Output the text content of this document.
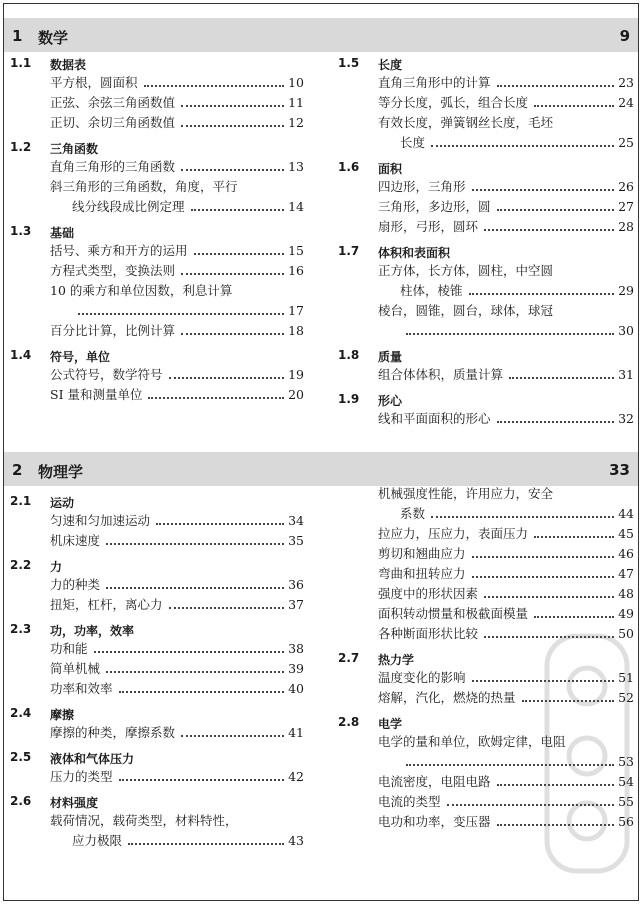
1 数学	9
1.1 数据表
平方根，圆面积	10
正弦、余弦三角函数值	11
正切、余切三角函数值	12
1.2 三角函数
直角三角形的三角函数	13
斜三角形的三角函数，角度，平行
线分线段成比例定理	14
1.3 基础
括号、乘方和开方的运用	15
方程式类型，变换法则	16
10 的乘方和单位因数，利息计算
17
百分比计算，比例计算	18
1.4 符号，单位
公式符号，数学符号	19
SI 量和测量单位	20
1.5 长度
直角三角形中的计算	23
等分长度，弧长，组合长度	24
有效长度，弹簧钢丝长度，毛坯
长度	25
1.6 面积
四边形，三角形	26
三角形，多边形，圆	27
扇形，弓形，圆环	28
1.7 体积和表面积
正方体，长方体，圆柱，中空圆
柱体，棱锥	29
棱台，圆锥，圆台，球体，球冠
30
1.8 质量
组合体体积，质量计算	31
1.9 形心
线和平面面积的形心	32
2 物理学	33
2.1 运动
匀速和匀加速运动	34
机床速度	35
2.2 力
力的种类	36
扭矩，杠杆，离心力	37
2.3 功，功率，效率
功和能	38
简单机械	39
功率和效率	40
2.4 摩擦
摩擦的种类，摩擦系数	41
2.5 液体和气体压力
压力的类型	42
2.6 材料强度
载荷情况，载荷类型，材料特性，
应力极限	43
机械强度性能，许用应力，安全
系数	44
拉应力，压应力，表面压力	45
剪切和翘曲应力	46
弯曲和扭转应力	47
强度中的形状因素	48
面积转动惯量和极截面模量	49
各种断面形状比较	50
2.7 热力学
温度变化的影响	51
熔解，汽化，燃烧的热量	52
2.8 电学
电学的量和单位，欧姆定律，电阻
53
电流密度，电阻电路	54
电流的类型	55
电功和功率，变压器	56
